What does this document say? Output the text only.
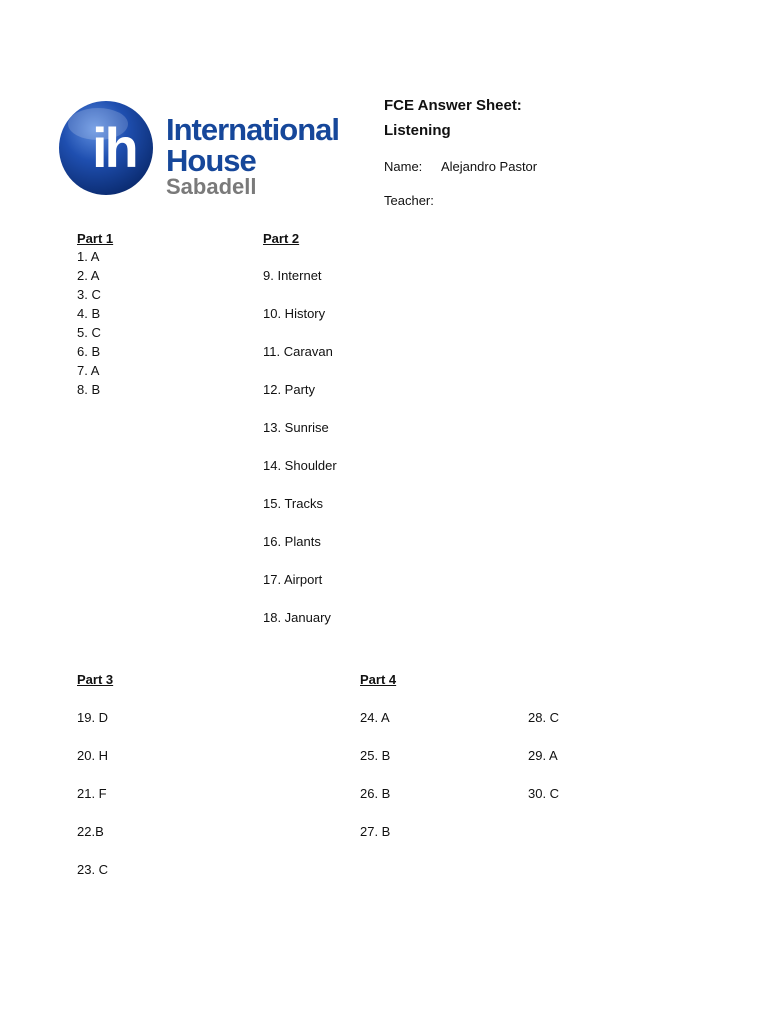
ih International
House
Sabadell
FCE Answer Sheet:
Listening
Name: Alejandro Pastor
Teacher:
Part 1
1. A
2. A
3. C
4. B
5. C
6. B
7. A
8. B
Part 2
9. Internet
10. History
11. Caravan
12. Party
13. Sunrise
14. Shoulder
15. Tracks
16. Plants
17. Airport
18. January
Part 3
19. D
20. H
21. F
22.B
23. C
Part 4
24. A
25. B
26. B
27. B
28. C
29. A
30. C
